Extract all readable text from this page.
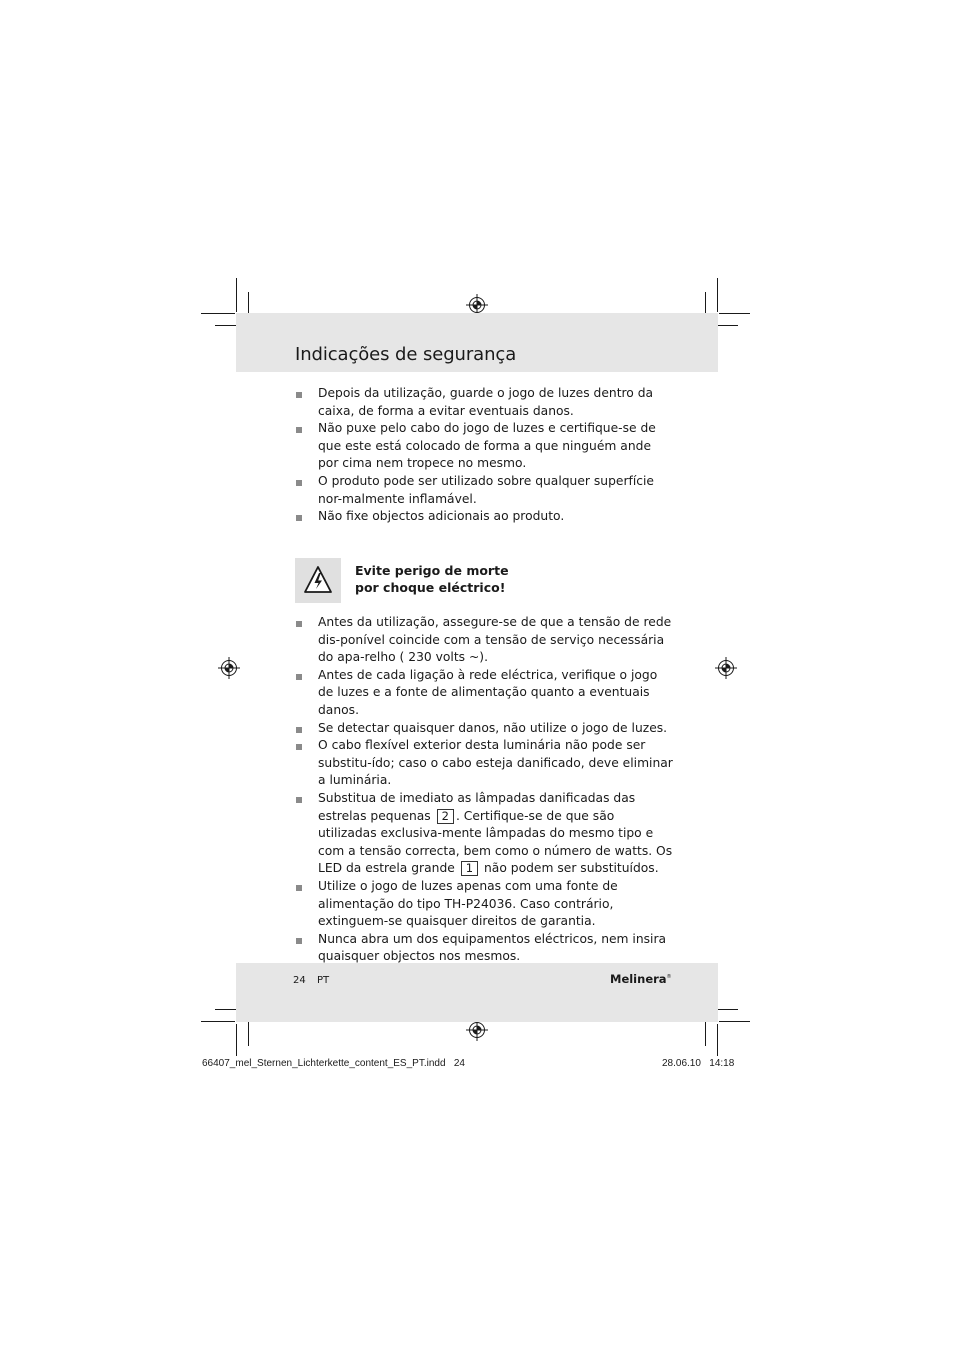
Indicações de segurança
Depois da utilização, guarde o jogo de luzes dentro da caixa, de forma a evitar eventuais danos.
Não puxe pelo cabo do jogo de luzes e certifique-se de que este está colocado de forma a que ninguém ande por cima nem tropece no mesmo.
O produto pode ser utilizado sobre qualquer superfície nor-malmente inflamável.
Não fixe objectos adicionais ao produto.
Evite perigo de morte
por choque eléctrico!
Antes da utilização, assegure-se de que a tensão de rede dis-ponível coincide com a tensão de serviço necessária do apa-relho ( 230 volts ~).
Antes de cada ligação à rede eléctrica, verifique o jogo de luzes e a fonte de alimentação quanto a eventuais danos.
Se detectar quaisquer danos, não utilize o jogo de luzes.
O cabo flexível exterior desta luminária não pode ser substitu-ído; caso o cabo esteja danificado, deve eliminar a luminária.
Substitua de imediato as lâmpadas danificadas das estrelas pequenas 2 . Certifique-se de que são utilizadas exclusiva-mente lâmpadas do mesmo tipo e com a tensão correcta, bem como o número de watts. Os LED da estrela grande 1 não podem ser substituídos.
Utilize o jogo de luzes apenas com uma fonte de alimentação do tipo TH-P24036. Caso contrário, extinguem-se quaisquer direitos de garantia.
Nunca abra um dos equipamentos eléctricos, nem insira quaisquer objectos nos mesmos.
24 PT	Melinera®
66407_mel_Sternen_Lichterkette_content_ES_PT.indd 24	28.06.10 14:18
